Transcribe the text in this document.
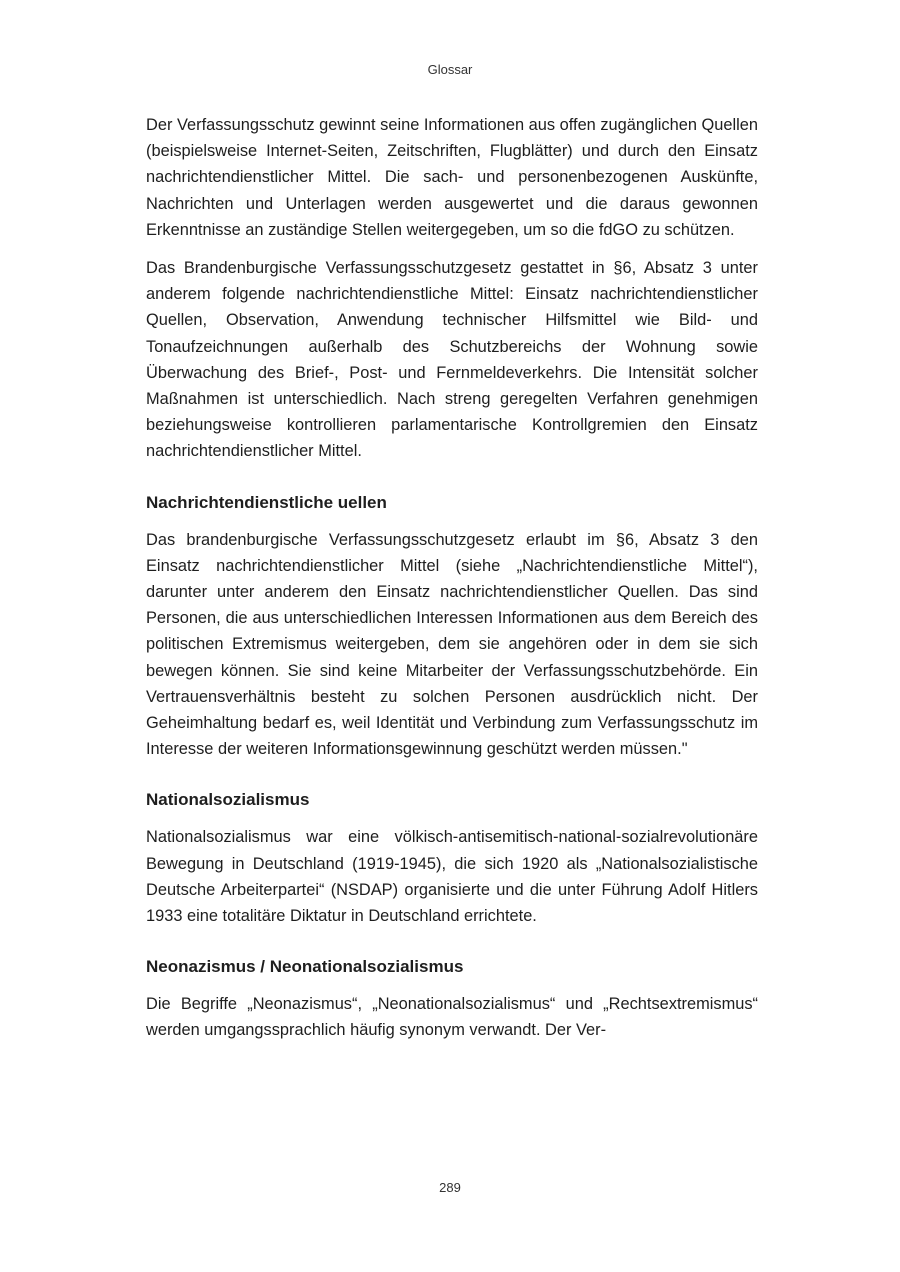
Glossar

Der Verfassungsschutz gewinnt seine Informationen aus offen zugänglichen Quellen (beispielsweise Internet-Seiten, Zeitschriften, Flugblätter) und durch den Einsatz nachrichtendienstlicher Mittel. Die sach- und personenbezogenen Auskünfte, Nachrichten und Unterlagen werden ausgewertet und die daraus gewonnen Erkenntnisse an zuständige Stellen weitergegeben, um so die fdGO zu schützen.

Das Brandenburgische Verfassungsschutzgesetz gestattet in §6, Absatz 3 unter anderem folgende nachrichtendienstliche Mittel: Einsatz nachrichtendienstlicher Quellen, Observation, Anwendung technischer Hilfsmittel wie Bild- und Tonaufzeichnungen außerhalb des Schutzbereichs der Wohnung sowie Überwachung des Brief-, Post- und Fernmeldeverkehrs. Die Intensität solcher Maßnahmen ist unterschiedlich. Nach streng geregelten Verfahren genehmigen beziehungsweise kontrollieren parlamentarische Kontrollgremien den Einsatz nachrichtendienstlicher Mittel.

Nachrichtendienstliche uellen

Das brandenburgische Verfassungsschutzgesetz erlaubt im §6, Absatz 3 den Einsatz nachrichtendienstlicher Mittel (siehe „Nachrichtendienstliche Mittel“), darunter unter anderem den Einsatz nachrichtendienstlicher Quellen. Das sind Personen, die aus unterschiedlichen Interessen Informationen aus dem Bereich des politischen Extremismus weitergeben, dem sie angehören oder in dem sie sich bewegen können. Sie sind keine Mitarbeiter der Verfassungsschutzbehörde. Ein Vertrauensverhältnis besteht zu solchen Personen ausdrücklich nicht. Der Geheimhaltung bedarf es, weil Identität und Verbindung zum Verfassungsschutz im Interesse der weiteren Informationsgewinnung geschützt werden müssen."

Nationalsozialismus

Nationalsozialismus war eine völkisch-antisemitisch-national-sozialrevolutionäre Bewegung in Deutschland (1919-1945), die sich 1920 als „Nationalsozialistische Deutsche Arbeiterpartei“ (NSDAP) organisierte und die unter Führung Adolf Hitlers 1933 eine totalitäre Diktatur in Deutschland errichtete.

Neonazismus / Neonationalsozialismus

Die Begriffe „Neonazismus“, „Neonationalsozialismus“ und „Rechtsextremismus“ werden umgangssprachlich häufig synonym verwandt. Der Ver-

289
